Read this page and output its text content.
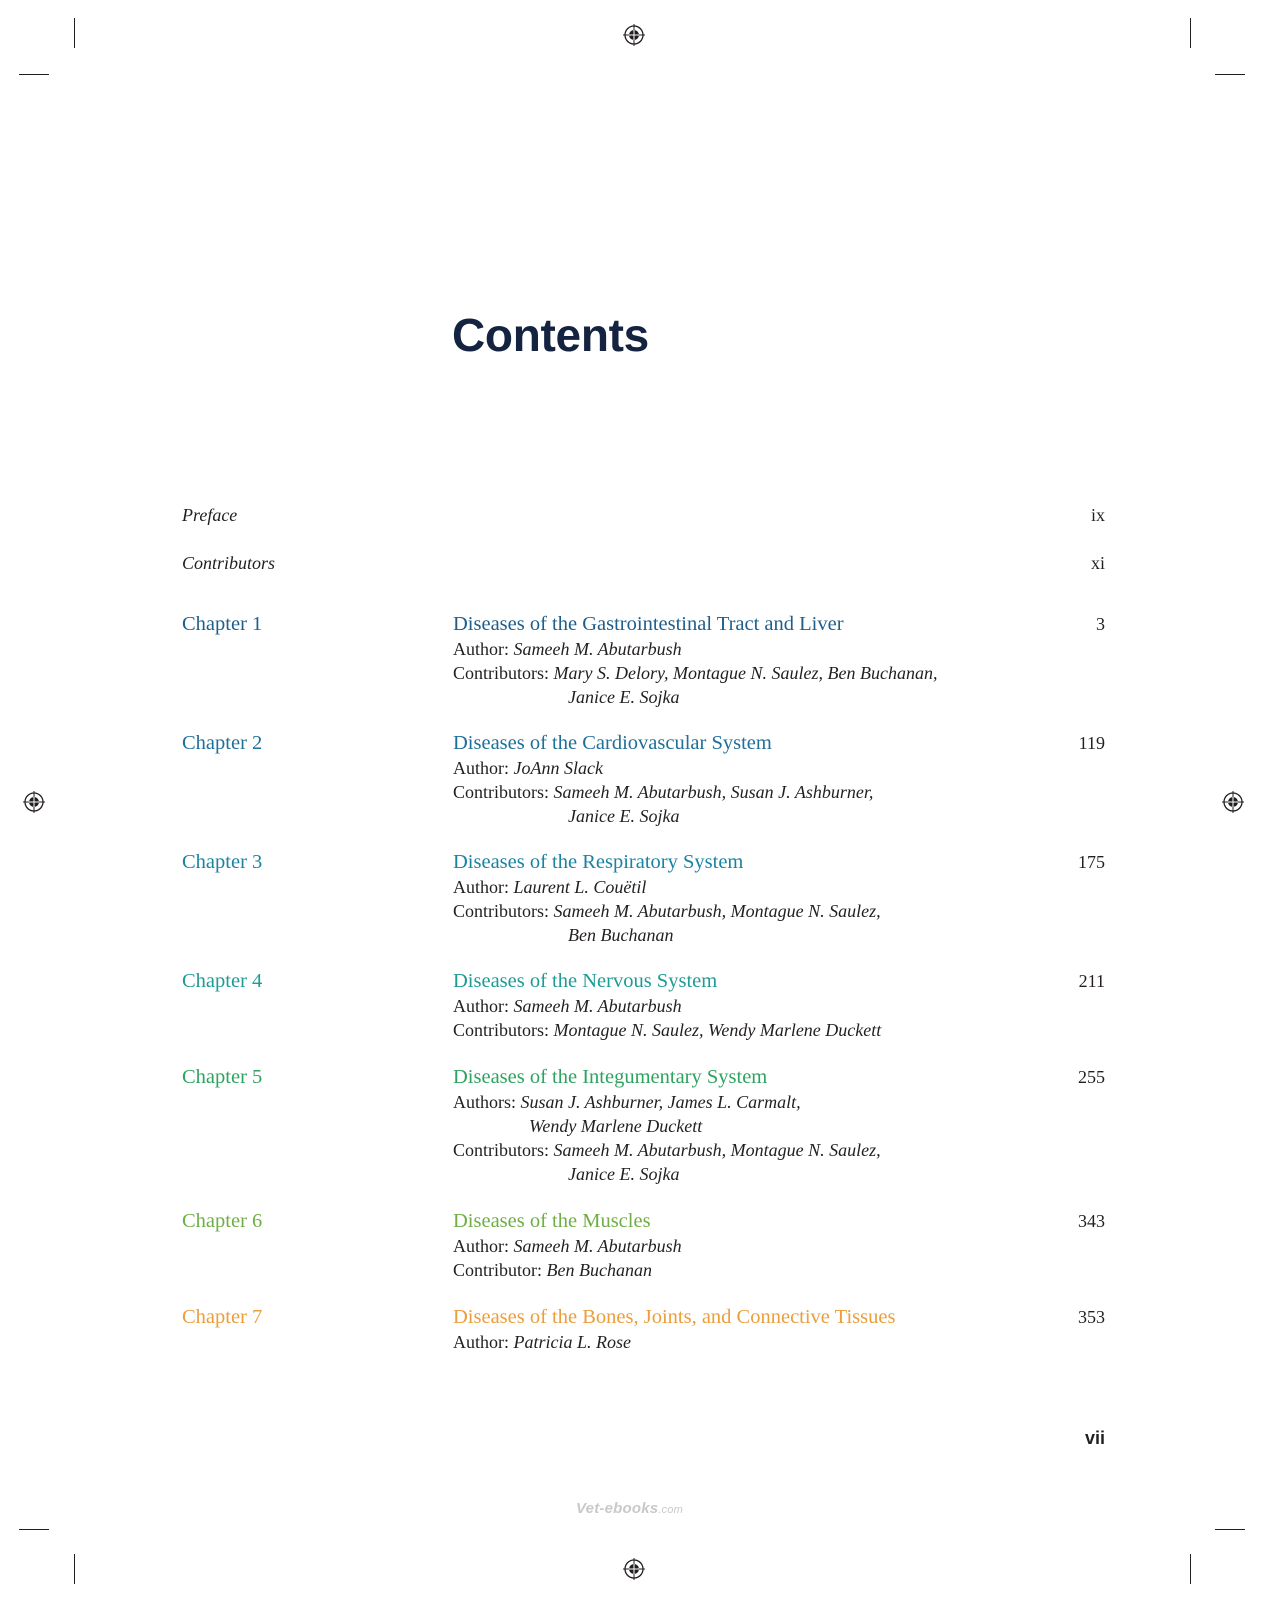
Contents
Preface	ix
Contributors	xi
Chapter 1	3
Diseases of the Gastrointestinal Tract and Liver
Author: Sameeh M. Abutarbush
Contributors: Mary S. Delory, Montague N. Saulez, Ben Buchanan,
Janice E. Sojka
Chapter 2	119
Diseases of the Cardiovascular System
Author: JoAnn Slack
Contributors: Sameeh M. Abutarbush, Susan J. Ashburner,
Janice E. Sojka
Chapter 3	175
Diseases of the Respiratory System
Author: Laurent L. Couëtil
Contributors: Sameeh M. Abutarbush, Montague N. Saulez,
Ben Buchanan
Chapter 4	211
Diseases of the Nervous System
Author: Sameeh M. Abutarbush
Contributors: Montague N. Saulez, Wendy Marlene Duckett
Chapter 5	255
Diseases of the Integumentary System
Authors: Susan J. Ashburner, James L. Carmalt,
Wendy Marlene Duckett
Contributors: Sameeh M. Abutarbush, Montague N. Saulez,
Janice E. Sojka
Chapter 6	343
Diseases of the Muscles
Author: Sameeh M. Abutarbush
Contributor: Ben Buchanan
Chapter 7	353
Diseases of the Bones, Joints, and Connective Tissues
Author: Patricia L. Rose
vii
Vet-ebooks.com
